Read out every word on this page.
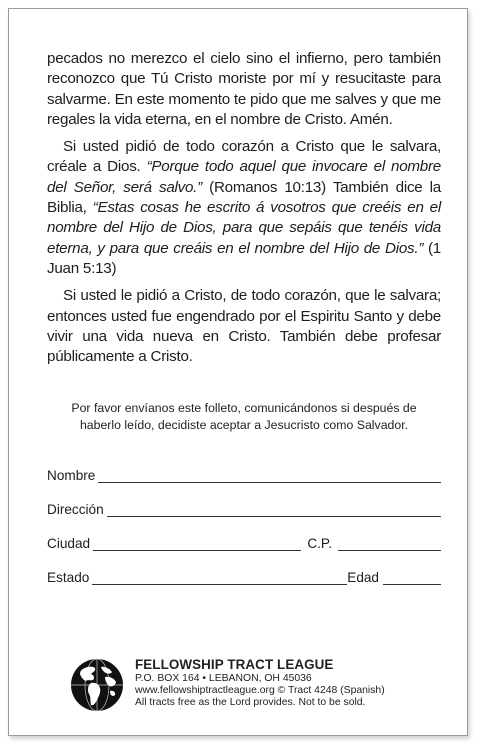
pecados no merezco el cielo sino el infierno, pero también reconozco que Tú Cristo moriste por mí y resucitaste para salvarme. En este momento te pido que me salves y que me regales la vida eterna, en el nombre de Cristo. Amén.

Si usted pidió de todo corazón a Cristo que le salvara, créale a Dios. “Porque todo aquel que invocare el nombre del Señor, será salvo.” (Romanos 10:13) También dice la Biblia, “Estas cosas he escrito á vosotros que creéis en el nombre del Hijo de Dios, para que sepáis que tenéis vida eterna, y para que creáis en el nombre del Hijo de Dios.” (1 Juan 5:13)

Si usted le pidió a Cristo, de todo corazón, que le salvara; entonces usted fue engendrado por el Espiritu Santo y debe vivir una vida nueva en Cristo. También debe profesar públicamente a Cristo.

Por favor envíanos este folleto, comunicándonos si después de
haberlo leído, decidiste aceptar a Jesucristo como Salvador.
Nombre
Dirección
Ciudad	C.P.
Estado	Edad
FELLOWSHIP TRACT LEAGUE
P.O. BOX 164 • LEBANON, OH 45036
www.fellowshiptractleague.org © Tract 4248 (Spanish)
All tracts free as the Lord provides. Not to be sold.
